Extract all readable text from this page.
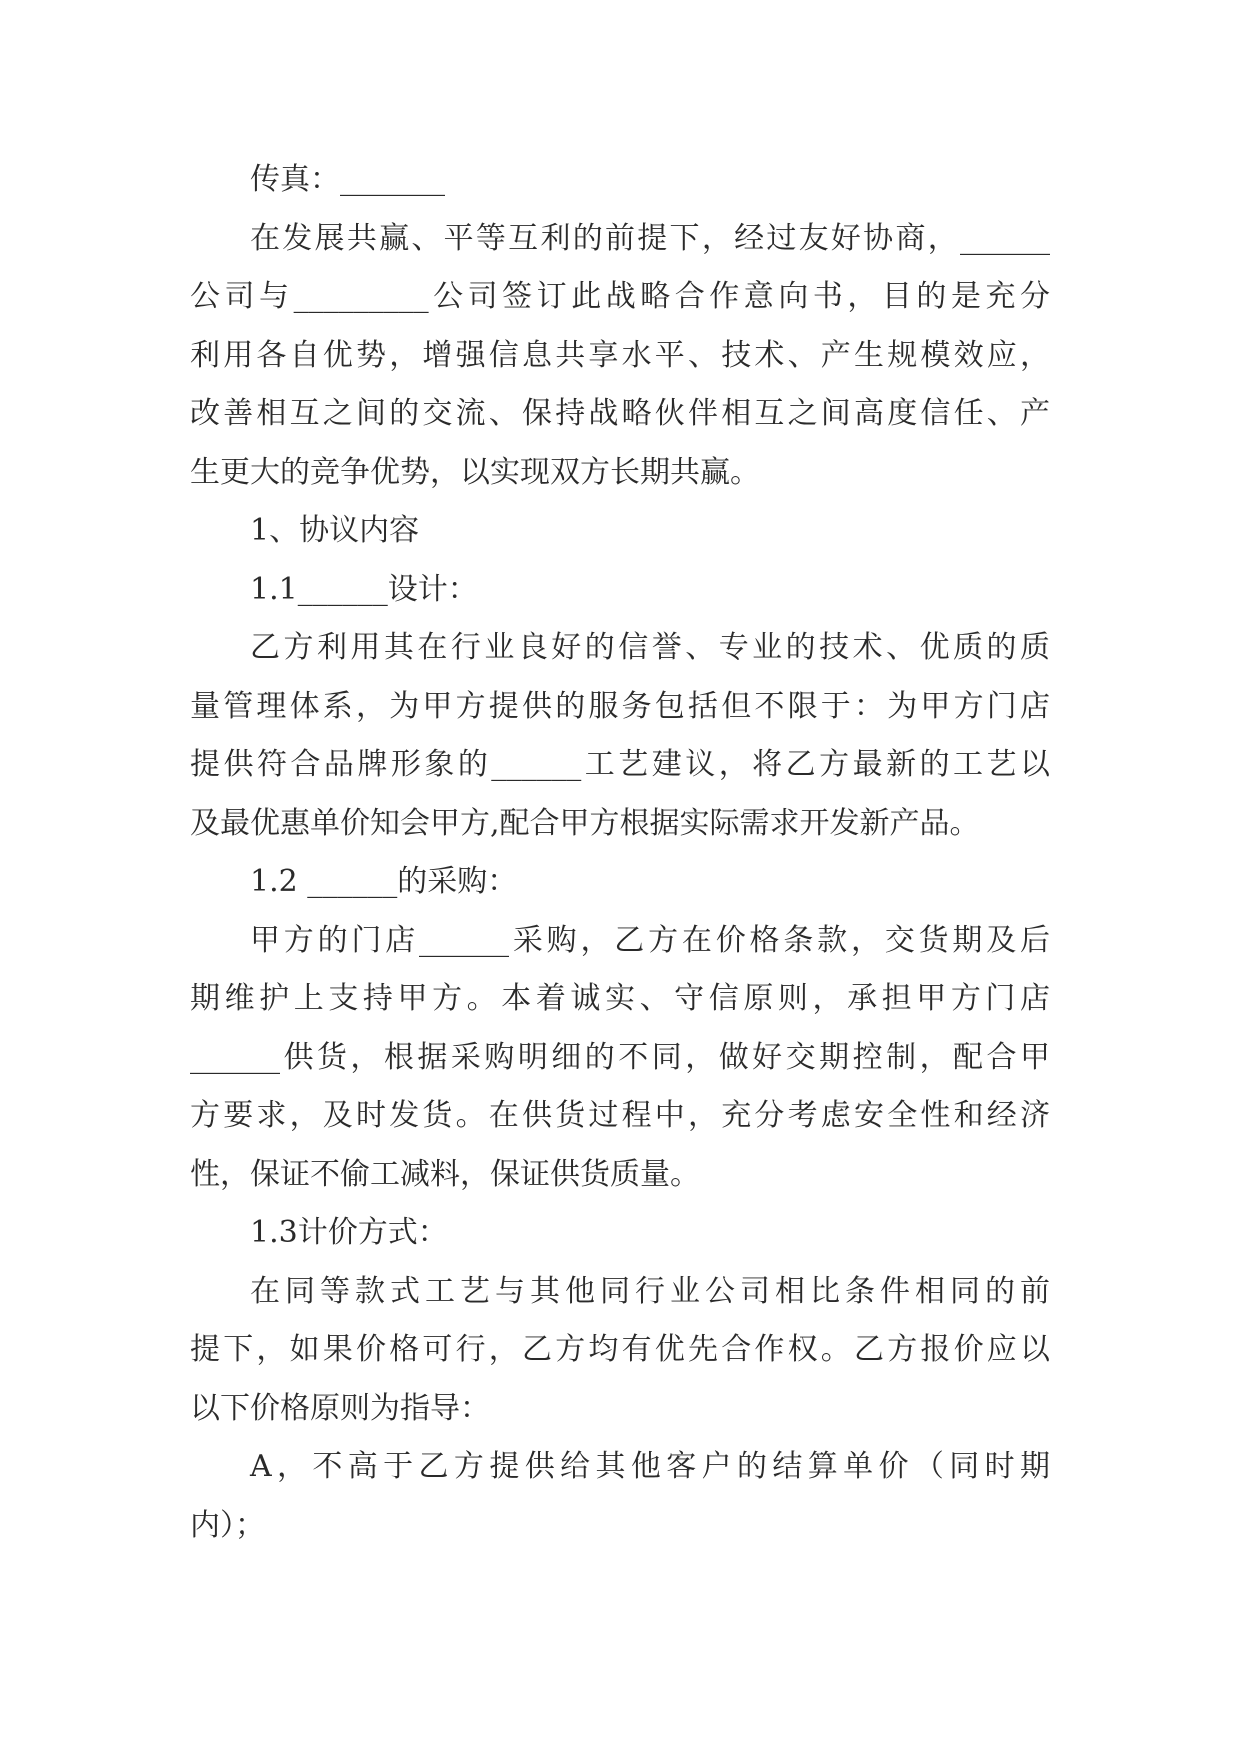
传真：_______
在发展共赢、平等互利的前提下，经过友好协商，______
公司与_________公司签订此战略合作意向书，目的是充分
利用各自优势，增强信息共享水平、技术、产生规模效应，
改善相互之间的交流、保持战略伙伴相互之间高度信任、产
生更大的竞争优势，以实现双方长期共赢。
1、协议内容
1.1______设计：
乙方利用其在行业良好的信誉、专业的技术、优质的质
量管理体系，为甲方提供的服务包括但不限于：为甲方门店
提供符合品牌形象的______工艺建议，将乙方最新的工艺以
及最优惠单价知会甲方,配合甲方根据实际需求开发新产品。
1.2 ______的采购：
甲方的门店______采购，乙方在价格条款，交货期及后
期维护上支持甲方。本着诚实、守信原则，承担甲方门店
______供货，根据采购明细的不同，做好交期控制，配合甲
方要求，及时发货。在供货过程中，充分考虑安全性和经济
性，保证不偷工减料，保证供货质量。
1.3计价方式：
在同等款式工艺与其他同行业公司相比条件相同的前
提下，如果价格可行，乙方均有优先合作权。乙方报价应以
以下价格原则为指导：
A，不高于乙方提供给其他客户的结算单价（同时期
内）；
